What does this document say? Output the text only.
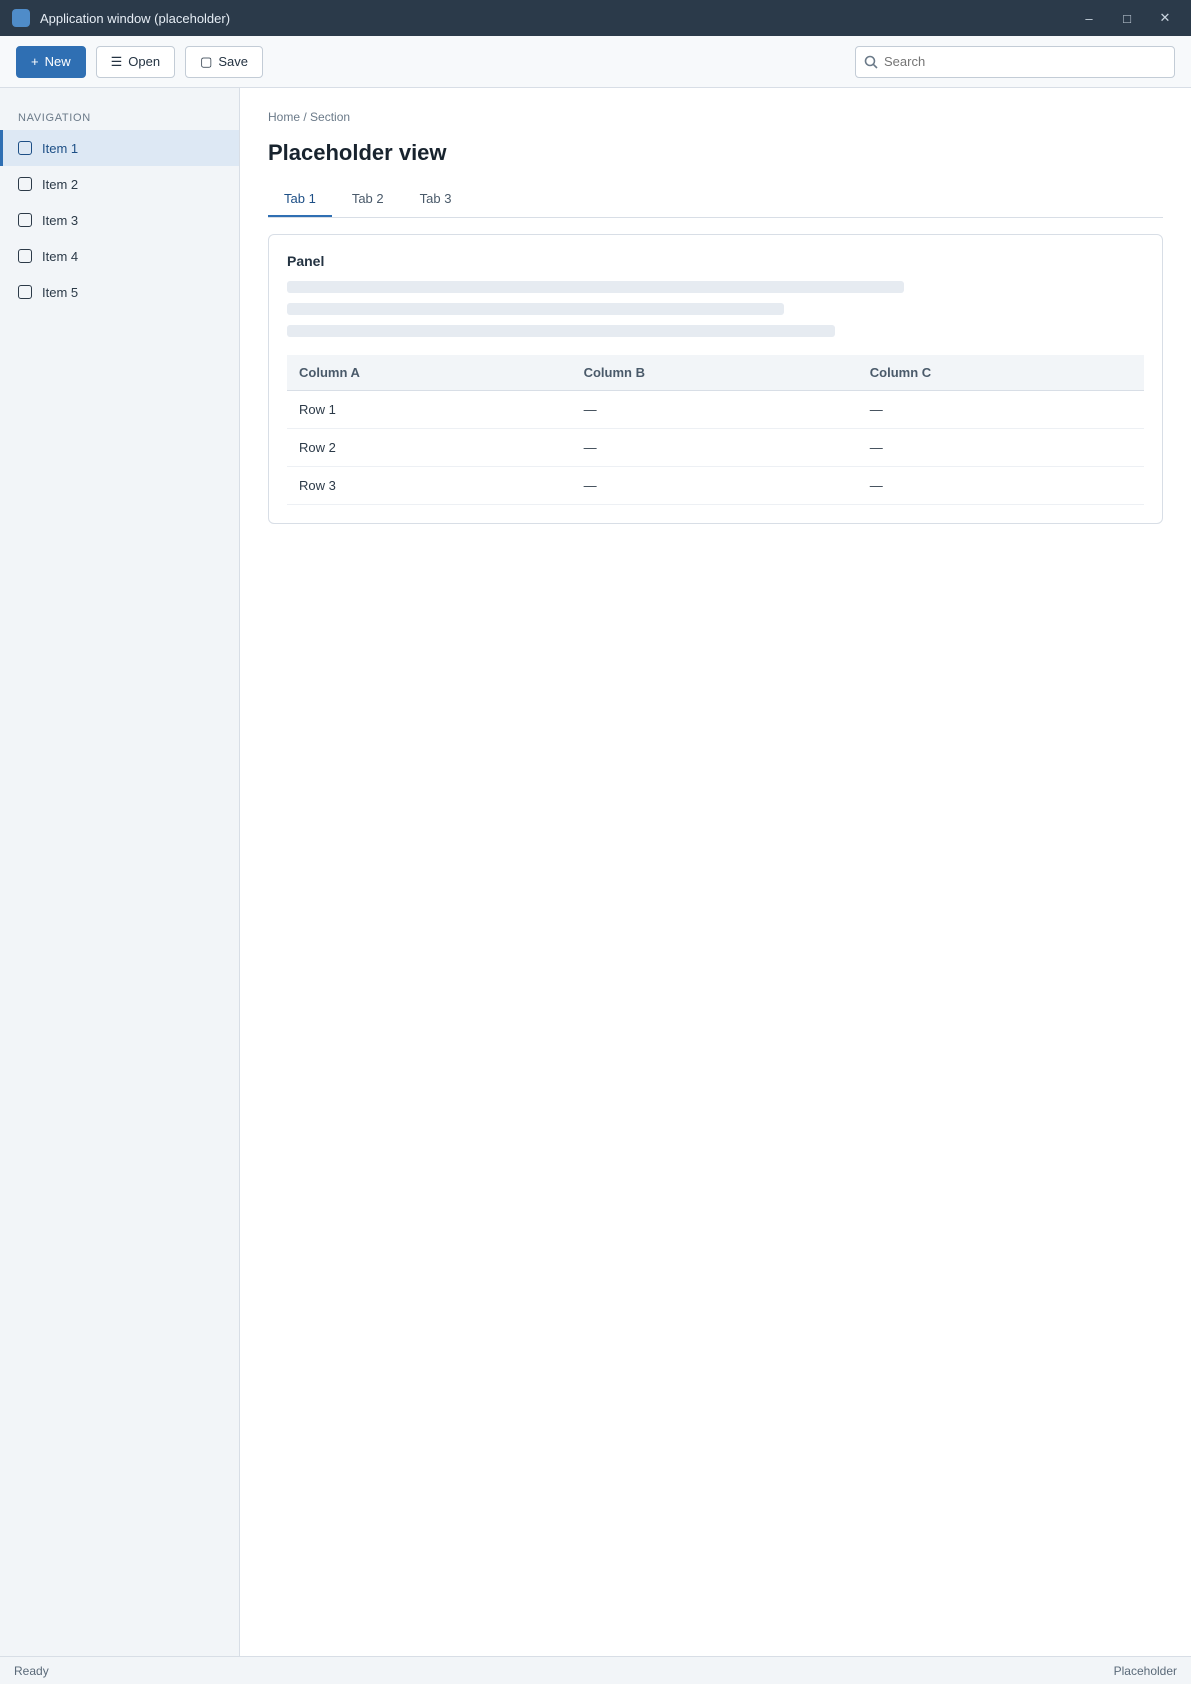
Application window (placeholder)	–	□	✕
+ New	☰ Open	▢ Save
Search
NAVIGATION
Item 1
Item 2
Item 3
Item 4
Item 5
Home / Section
Placeholder view
Tab 1	Tab 2	Tab 3
Panel
Column A	Column B	Column C
Row 1	—	—
Row 2	—	—
Row 3	—	—
Ready	Placeholder
